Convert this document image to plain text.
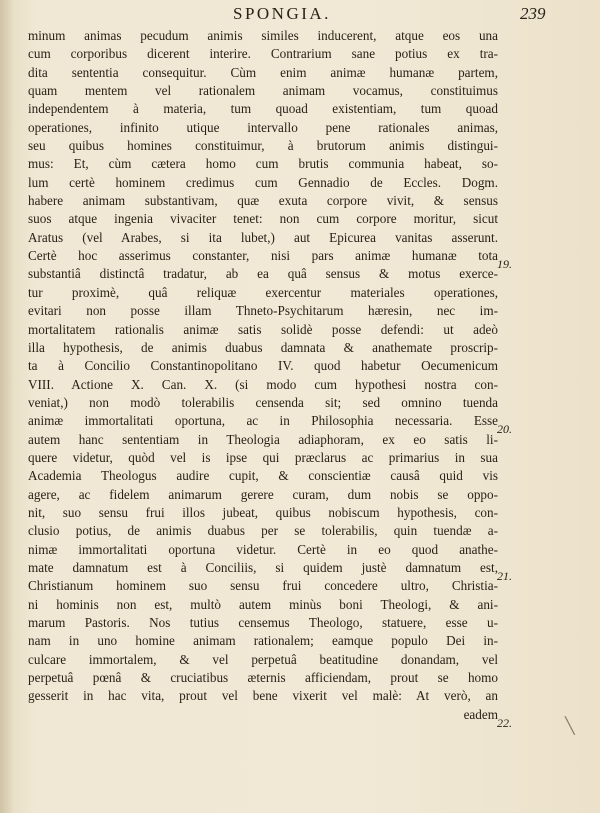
SPONGIA.	239
minum animas pecudum animis similes inducerent, atque eos una
cum corporibus dicerent interire. Contrarium sane potius ex tra-
dita sententia consequitur. Cùm enim animæ humanæ partem,
quam mentem vel rationalem animam vocamus, constituimus
independentem à materia, tum quoad existentiam, tum quoad
operationes, infinito utique intervallo pene rationales animas,
seu quibus homines constituimur, à brutorum animis distingui-
mus: Et, cùm cætera homo cum brutis communia habeat, so-
lum certè hominem credimus cum Gennadio de Eccles. Dogm.
habere animam substantivam, quæ exuta corpore vivit, & sensus
suos atque ingenia vivaciter tenet: non cum corpore moritur, sicut
Aratus (vel Arabes, si ita lubet,) aut Epicurea vanitas asserunt.
Certè hoc asserimus constanter, nisi pars animæ humanæ tota
substantiâ distinctâ tradatur, ab ea quâ sensus & motus exerce-
tur proximè, quâ reliquæ exercentur materiales operationes,
evitari non posse illam Thneto-Psychitarum hæresin, nec im-
mortalitatem rationalis animæ satis solidè posse defendi: ut adeò
illa hypothesis, de animis duabus damnata & anathemate proscrip-
ta à Concilio Constantinopolitano IV. quod habetur Oecumenicum
VIII. Actione X. Can. X. (si modo cum hypothesi nostra con-
veniat,) non modò tolerabilis censenda sit; sed omnino tuenda
animæ immortalitati oportuna, ac in Philosophia necessaria. Esse
autem hanc sententiam in Theologia adiaphoram, ex eo satis li-
quere videtur, quòd vel is ipse qui præclarus ac primarius in sua
Academia Theologus audire cupit, & conscientiæ causâ quid vis
agere, ac fidelem animarum gerere curam, dum nobis se oppo-
nit, suo sensu frui illos jubeat, quibus nobiscum hypothesis, con-
clusio potius, de animis duabus per se tolerabilis, quin tuendæ a-
nimæ immortalitati oportuna videtur. Certè in eo quod anathe-
mate damnatum est à Conciliis, si quidem justè damnatum est,
Christianum hominem suo sensu frui concedere ultro, Christia-
ni hominis non est, multò autem minùs boni Theologi, & ani-
marum Pastoris. Nos tutius censemus Theologo, statuere, esse u-
nam in uno homine animam rationalem; eamque populo Dei in-
culcare immortalem, & vel perpetuâ beatitudine donandam, vel
perpetuâ pœnâ & cruciatibus æternis afficiendam, prout se homo
gesserit in hac vita, prout vel bene vixerit vel malè: At verò, an
eadem
19.
20.
21.
22.	╲
